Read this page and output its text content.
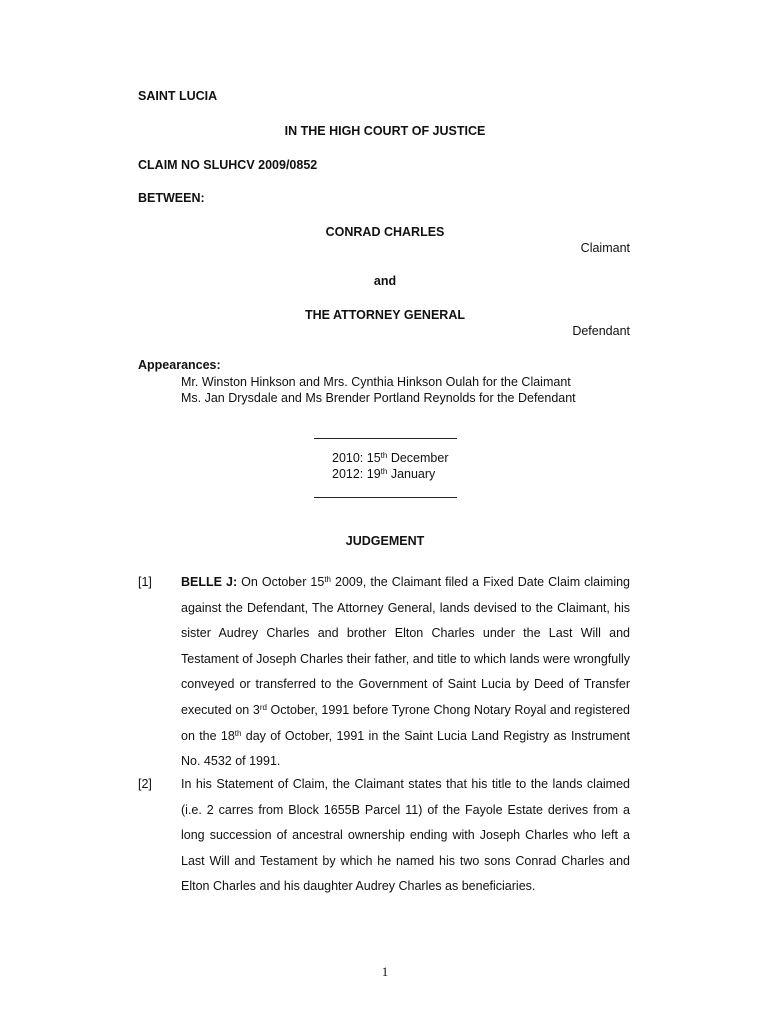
SAINT LUCIA
IN THE HIGH COURT OF JUSTICE
CLAIM NO SLUHCV 2009/0852
BETWEEN:
CONRAD CHARLES
Claimant
and
THE ATTORNEY GENERAL
Defendant
Appearances:
Mr. Winston Hinkson and Mrs. Cynthia Hinkson Oulah for the Claimant
Ms. Jan Drysdale and Ms Brender Portland Reynolds for the Defendant
2010: 15th December
2012: 19th January
JUDGEMENT
[1] BELLE J: On October 15th 2009, the Claimant filed a Fixed Date Claim claiming against the Defendant, The Attorney General, lands devised to the Claimant, his sister Audrey Charles and brother Elton Charles under the Last Will and Testament of Joseph Charles their father, and title to which lands were wrongfully conveyed or transferred to the Government of Saint Lucia by Deed of Transfer executed on 3rd October, 1991 before Tyrone Chong Notary Royal and registered on the 18th day of October, 1991 in the Saint Lucia Land Registry as Instrument No. 4532 of 1991.
[2] In his Statement of Claim, the Claimant states that his title to the lands claimed (i.e. 2 carres from Block 1655B Parcel 11) of the Fayole Estate derives from a long succession of ancestral ownership ending with Joseph Charles who left a Last Will and Testament by which he named his two sons Conrad Charles and Elton Charles and his daughter Audrey Charles as beneficiaries.
1
